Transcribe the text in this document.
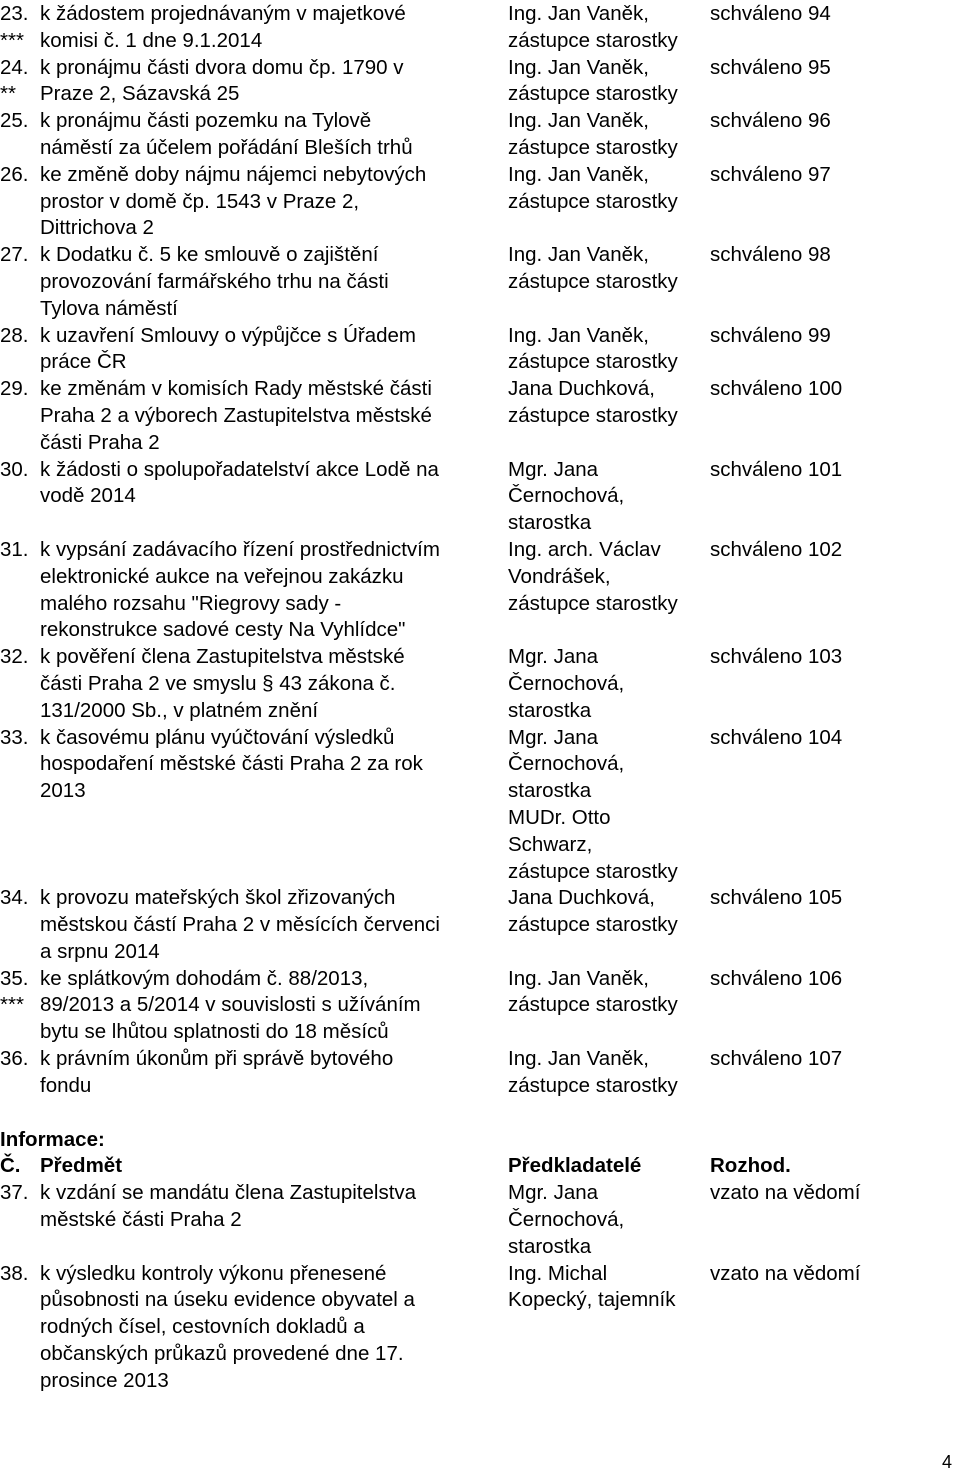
23.
***
k žádostem projednávaným v majetkové
komisi č. 1 dne 9.1.2014
Ing. Jan Vaněk,
zástupce starostky
schváleno 94
24.
**
k pronájmu části dvora domu čp. 1790 v
Praze 2, Sázavská 25
Ing. Jan Vaněk,
zástupce starostky
schváleno 95
25. k pronájmu části pozemku na Tylově
náměstí za účelem pořádání Bleších trhů
Ing. Jan Vaněk,
zástupce starostky
schváleno 96
26. ke změně doby nájmu nájemci nebytových
prostor v domě čp. 1543 v Praze 2,
Dittrichova 2
Ing. Jan Vaněk,
zástupce starostky
schváleno 97
27. k Dodatku č. 5 ke smlouvě o zajištění
provozování farmářského trhu na části
Tylova náměstí
Ing. Jan Vaněk,
zástupce starostky
schváleno 98
28. k uzavření Smlouvy o výpůjčce s Úřadem
práce ČR
Ing. Jan Vaněk,
zástupce starostky
schváleno 99
29. ke změnám v komisích Rady městské části
Praha 2 a výborech Zastupitelstva městské
části Praha 2
Jana Duchková,
zástupce starostky
schváleno 100
30. k žádosti o spolupořadatelství akce Lodě na
vodě 2014
Mgr. Jana
Černochová,
starostka
schváleno 101
31. k vypsání zadávacího řízení prostřednictvím
elektronické aukce na veřejnou zakázku
malého rozsahu "Riegrovy sady -
rekonstrukce sadové cesty Na Vyhlídce"
Ing. arch. Václav
Vondrášek,
zástupce starostky
schváleno 102
32. k pověření člena Zastupitelstva městské
části Praha 2 ve smyslu § 43 zákona č.
131/2000 Sb., v platném znění
Mgr. Jana
Černochová,
starostka
schváleno 103
33. k časovému plánu vyúčtování výsledků
hospodaření městské části Praha 2 za rok
2013
Mgr. Jana
Černochová,
starostka
MUDr. Otto
Schwarz,
zástupce starostky
schváleno 104
34. k provozu mateřských škol zřizovaných
městskou částí Praha 2 v měsících červenci
a srpnu 2014
Jana Duchková,
zástupce starostky
schváleno 105
35.
***
ke splátkovým dohodám č. 88/2013,
89/2013 a 5/2014 v souvislosti s užíváním
bytu se lhůtou splatnosti do 18 měsíců
Ing. Jan Vaněk,
zástupce starostky
schváleno 106
36. k právním úkonům při správě bytového
fondu
Ing. Jan Vaněk,
zástupce starostky
schváleno 107
Informace:
Č. Předmět	Předkladatelé	Rozhod.
37. k vzdání se mandátu člena Zastupitelstva
městské části Praha 2
Mgr. Jana
Černochová,
starostka
vzato na vědomí
38. k výsledku kontroly výkonu přenesené
působnosti na úseku evidence obyvatel a
rodných čísel, cestovních dokladů a
občanských průkazů provedené dne 17.
prosince 2013
Ing. Michal
Kopecký, tajemník
vzato na vědomí
4
